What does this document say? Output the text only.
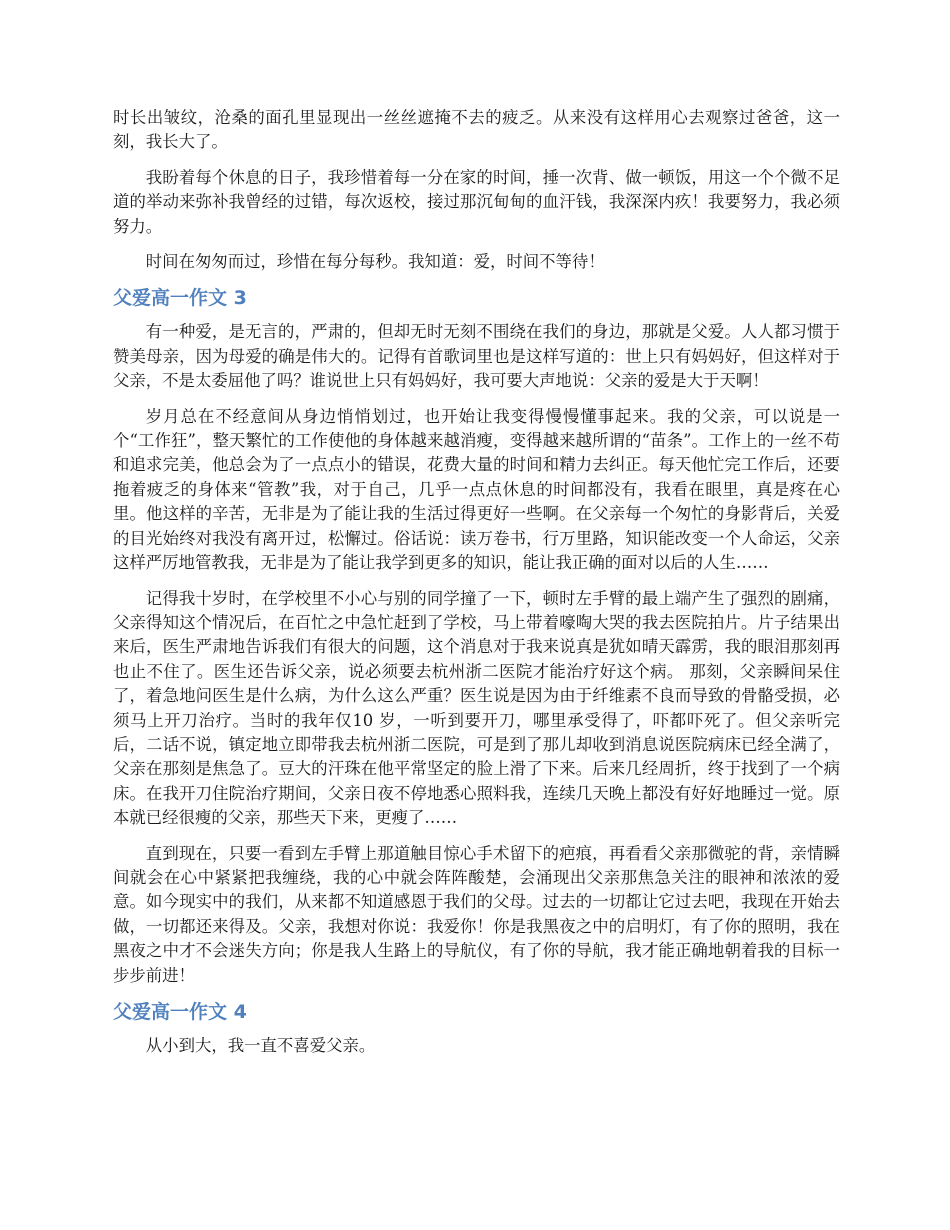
时长出皱纹，沧桑的面孔里显现出一丝丝遮掩不去的疲乏。从来没有这样用心去观察过爸爸，这一刻，我长大了。

我盼着每个休息的日子，我珍惜着每一分在家的时间，捶一次背、做一顿饭，用这一个个微不足道的举动来弥补我曾经的过错，每次返校，接过那沉甸甸的血汗钱，我深深内疚！我要努力，我必须努力。

时间在匆匆而过，珍惜在每分每秒。我知道：爱，时间不等待！

父爱高一作文 3

有一种爱，是无言的，严肃的，但却无时无刻不围绕在我们的身边，那就是父爱。人人都习惯于赞美母亲，因为母爱的确是伟大的。记得有首歌词里也是这样写道的：世上只有妈妈好，但这样对于父亲，不是太委屈他了吗？谁说世上只有妈妈好，我可要大声地说：父亲的爱是大于天啊！

岁月总在不经意间从身边悄悄划过，也开始让我变得慢慢懂事起来。我的父亲，可以说是一个“工作狂”，整天繁忙的工作使他的身体越来越消瘦，变得越来越所谓的“苗条”。工作上的一丝不苟和追求完美，他总会为了一点点小的错误，花费大量的时间和精力去纠正。每天他忙完工作后，还要拖着疲乏的身体来“管教”我，对于自己，几乎一点点休息的时间都没有，我看在眼里，真是疼在心里。他这样的辛苦，无非是为了能让我的生活过得更好一些啊。在父亲每一个匆忙的身影背后，关爱的目光始终对我没有离开过，松懈过。俗话说：读万卷书，行万里路，知识能改变一个人命运，父亲这样严厉地管教我，无非是为了能让我学到更多的知识，能让我正确的面对以后的人生……

记得我十岁时，在学校里不小心与别的同学撞了一下，顿时左手臂的最上端产生了强烈的剧痛，父亲得知这个情况后，在百忙之中急忙赶到了学校，马上带着嚎啕大哭的我去医院拍片。片子结果出来后，医生严肃地告诉我们有很大的问题，这个消息对于我来说真是犹如晴天霹雳，我的眼泪那刻再也止不住了。医生还告诉父亲，说必须要去杭州浙二医院才能治疗好这个病。 那刻，父亲瞬间呆住了，着急地问医生是什么病，为什么这么严重？医生说是因为由于纤维素不良而导致的骨骼受损，必须马上开刀治疗。当时的我年仅10 岁，一听到要开刀，哪里承受得了，吓都吓死了。但父亲听完后，二话不说，镇定地立即带我去杭州浙二医院，可是到了那儿却收到消息说医院病床已经全满了，父亲在那刻是焦急了。豆大的汗珠在他平常坚定的脸上滑了下来。后来几经周折，终于找到了一个病床。在我开刀住院治疗期间，父亲日夜不停地悉心照料我，连续几天晚上都没有好好地睡过一觉。原本就已经很瘦的父亲，那些天下来，更瘦了……

直到现在，只要一看到左手臂上那道触目惊心手术留下的疤痕，再看看父亲那微驼的背，亲情瞬间就会在心中紧紧把我缠绕，我的心中就会阵阵酸楚，会涌现出父亲那焦急关注的眼神和浓浓的爱意。如今现实中的我们，从来都不知道感恩于我们的父母。过去的一切都让它过去吧，我现在开始去做，一切都还来得及。父亲，我想对你说：我爱你！你是我黑夜之中的启明灯，有了你的照明，我在黑夜之中才不会迷失方向；你是我人生路上的导航仪，有了你的导航，我才能正确地朝着我的目标一步步前进！

父爱高一作文 4

从小到大，我一直不喜爱父亲。
